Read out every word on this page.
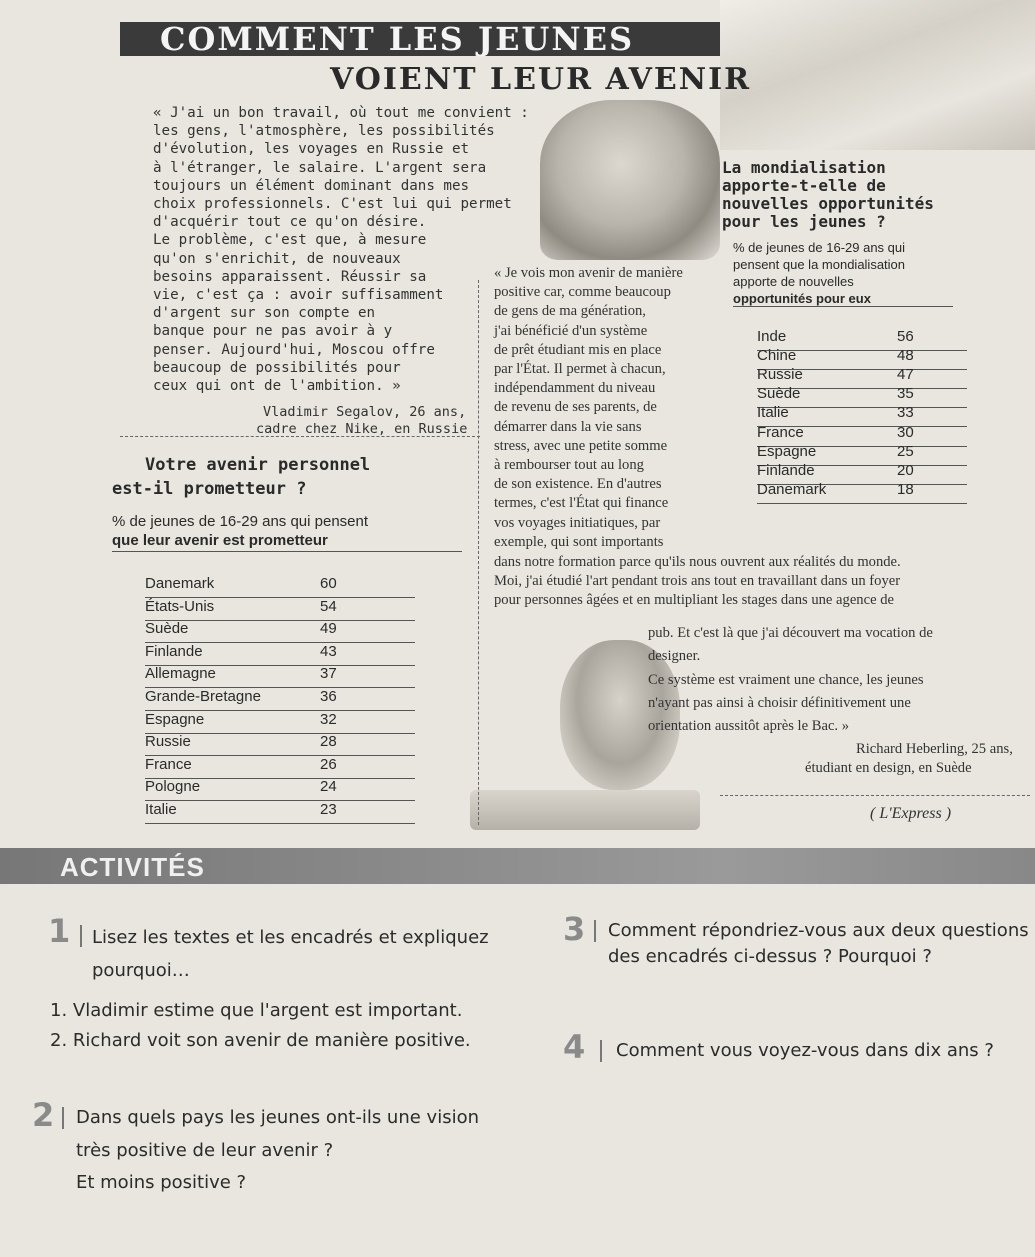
COMMENT LES JEUNES
VOIENT LEUR AVENIR
« J'ai un bon travail, où tout me convient :
les gens, l'atmosphère, les possibilités
d'évolution, les voyages en Russie et
à l'étranger, le salaire. L'argent sera
toujours un élément dominant dans mes
choix professionnels. C'est lui qui permet
d'acquérir tout ce qu'on désire.
Le problème, c'est que, à mesure
qu'on s'enrichit, de nouveaux
besoins apparaissent. Réussir sa
vie, c'est ça : avoir suffisamment
d'argent sur son compte en
banque pour ne pas avoir à y
penser. Aujourd'hui, Moscou offre
beaucoup de possibilités pour
ceux qui ont de l'ambition. »
Vladimir Segalov, 26 ans,
cadre chez Nike, en Russie
Votre avenir personnel
est-il prometteur ?
% de jeunes de 16-29 ans qui pensent
que leur avenir est prometteur
Danemark	60
États-Unis	54
Suède	49
Finlande	43
Allemagne	37
Grande-Bretagne	36
Espagne	32
Russie	28
France	26
Pologne	24
Italie	23
La mondialisation
apporte-t-elle de
nouvelles opportunités
pour les jeunes ?
% de jeunes de 16-29 ans qui
pensent que la mondialisation
apporte de nouvelles
opportunités pour eux
Inde	56
Chine	48
Russie	47
Suède	35
Italie	33
France	30
Espagne	25
Finlande	20
Danemark	18
« Je vois mon avenir de manière
positive car, comme beaucoup
de gens de ma génération,
j'ai bénéficié d'un système
de prêt étudiant mis en place
par l'État. Il permet à chacun,
indépendamment du niveau
de revenu de ses parents, de
démarrer dans la vie sans
stress, avec une petite somme
à rembourser tout au long
de son existence. En d'autres
termes, c'est l'État qui finance
vos voyages initiatiques, par
exemple, qui sont importants
dans notre formation parce qu'ils nous ouvrent aux réalités du monde.
Moi, j'ai étudié l'art pendant trois ans tout en travaillant dans un foyer
pour personnes âgées et en multipliant les stages dans une agence de
pub. Et c'est là que j'ai découvert ma vocation de
designer.
Ce système est vraiment une chance, les jeunes
n'ayant pas ainsi à choisir définitivement une
orientation aussitôt après le Bac. »
Richard Heberling, 25 ans,
étudiant en design, en Suède
( L'Express )
ACTIVITÉS
1 Lisez les textes et les encadrés et expliquez
pourquoi…
1. Vladimir estime que l'argent est important.
2. Richard voit son avenir de manière positive.
2 Dans quels pays les jeunes ont-ils une vision
très positive de leur avenir ?
Et moins positive ?
3 Comment répondriez-vous aux deux questions
des encadrés ci-dessus ? Pourquoi ?
4 Comment vous voyez-vous dans dix ans ?
